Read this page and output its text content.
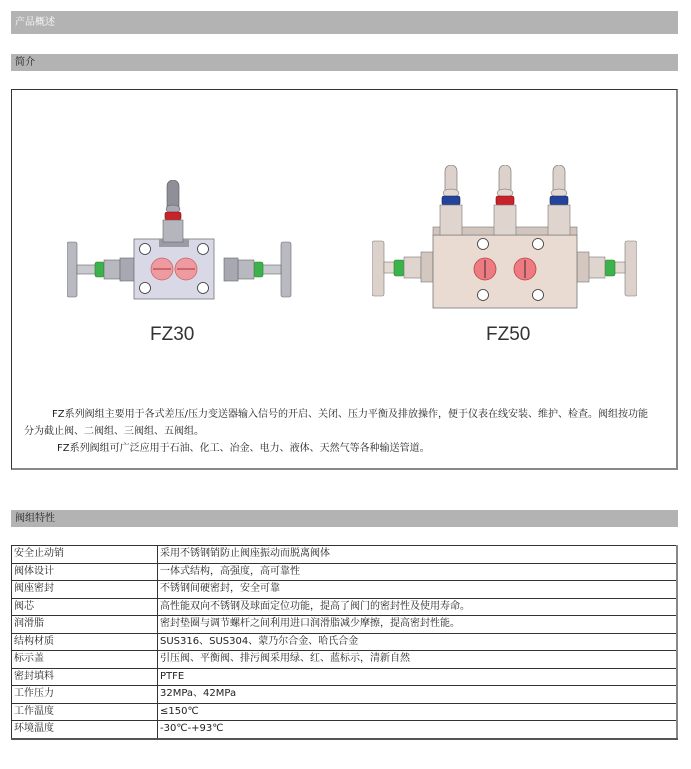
产品概述
简介
FZ30	FZ50

FZ系列阀组主要用于各式差压/压力变送器输入信号的开启、关闭、压力平衡及排放操作，便于仪表在线安装、维护、检查。阀组按功能

分为截止阀、二阀组、三阀组、五阀组。

FZ系列阀组可广泛应用于石油、化工、冶金、电力、液体、天然气等各种输送管道。

阀组特性
安全止动销	采用不锈钢销防止阀座振动而脱离阀体
阀体设计	一体式结构，高强度，高可靠性
阀座密封	不锈钢间硬密封，安全可靠
阀芯	高性能双向不锈钢及球面定位功能，提高了阀门的密封性及使用寿命。
润滑脂	密封垫圈与调节螺杆之间利用进口润滑脂减少摩擦，提高密封性能。
结构材质	SUS316、SUS304、蒙乃尔合金、哈氏合金
标示盖	引压阀、平衡阀、排污阀采用绿、红、蓝标示，清新自然
密封填料	PTFE
工作压力	32MPa、42MPa
工作温度	≤150℃
环境温度	-30℃-+93℃
